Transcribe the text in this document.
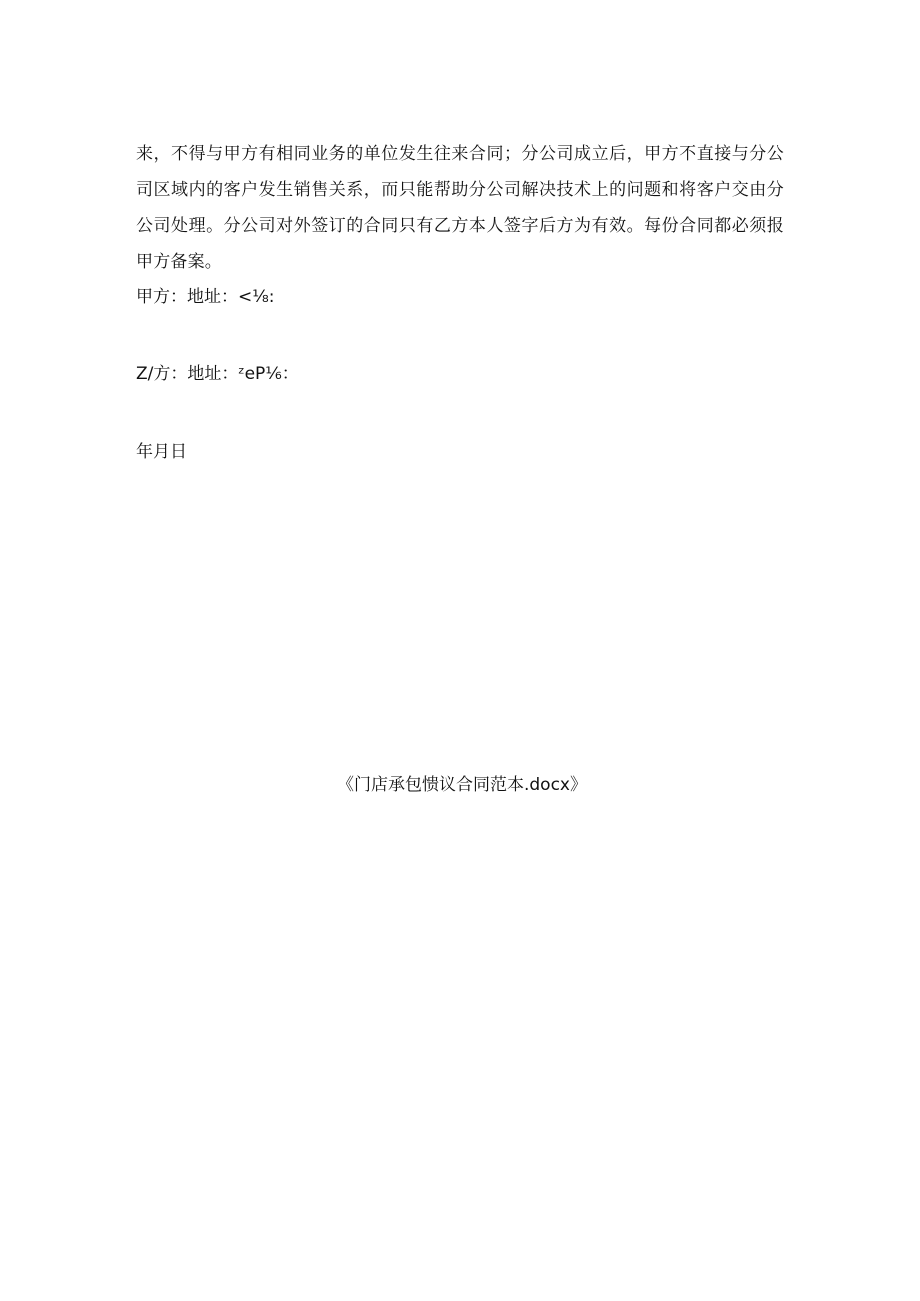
来，不得与甲方有相同业务的单位发生往来合同；分公司成立后，甲方不直接与分公司区域内的客户发生销售关系，而只能帮助分公司解决技术上的问题和将客户交由分公司处理。分公司对外签订的合同只有乙方本人签字后方为有效。每份合同都必须报甲方备案。

甲方：地址：<⅛:

Z/方：地址：ᶻeP⅙：

年月日

《门店承包愦议合同范本.docx》
